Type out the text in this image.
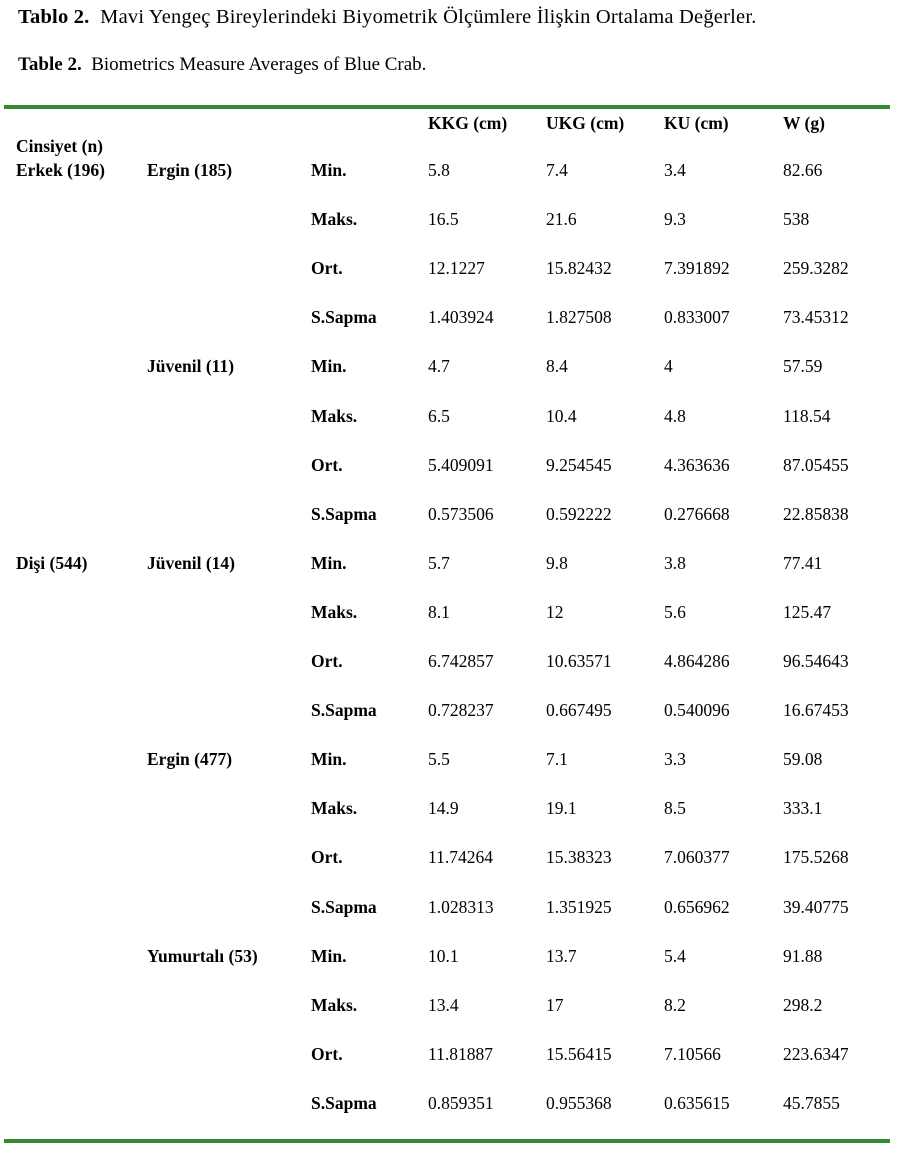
Tablo 2. Mavi Yengeç Bireylerindeki Biyometrik Ölçümlere İlişkin Ortalama Değerler.

Table 2. Biometrics Measure Averages of Blue Crab.

KKG (cm) UKG (cm) KU (cm)	W (g)
Cinsiyet (n)
Erkek (196) Ergin (185)	Min.	5.8	7.4	3.4	82.66
Maks.	16.5	21.6	9.3	538
Ort.	12.1227	15.82432	7.391892	259.3282
S.Sapma	1.403924	1.827508	0.833007	73.45312
Jüvenil (11)	Min.	4.7	8.4	4	57.59
Maks.	6.5	10.4	4.8	118.54
Ort.	5.409091	9.254545	4.363636	87.05455
S.Sapma	0.573506	0.592222	0.276668	22.85838
Dişi (544)	Jüvenil (14)	Min.	5.7	9.8	3.8	77.41
Maks.	8.1	12	5.6	125.47
Ort.	6.742857	10.63571	4.864286	96.54643
S.Sapma	0.728237	0.667495	0.540096	16.67453
Ergin (477)	Min.	5.5	7.1	3.3	59.08
Maks.	14.9	19.1	8.5	333.1
Ort.	11.74264	15.38323	7.060377	175.5268
S.Sapma	1.028313	1.351925	0.656962	39.40775
Yumurtalı (53)	Min.	10.1	13.7	5.4	91.88
Maks.	13.4	17	8.2	298.2
Ort.	11.81887	15.56415	7.10566	223.6347
S.Sapma	0.859351	0.955368	0.635615	45.7855
